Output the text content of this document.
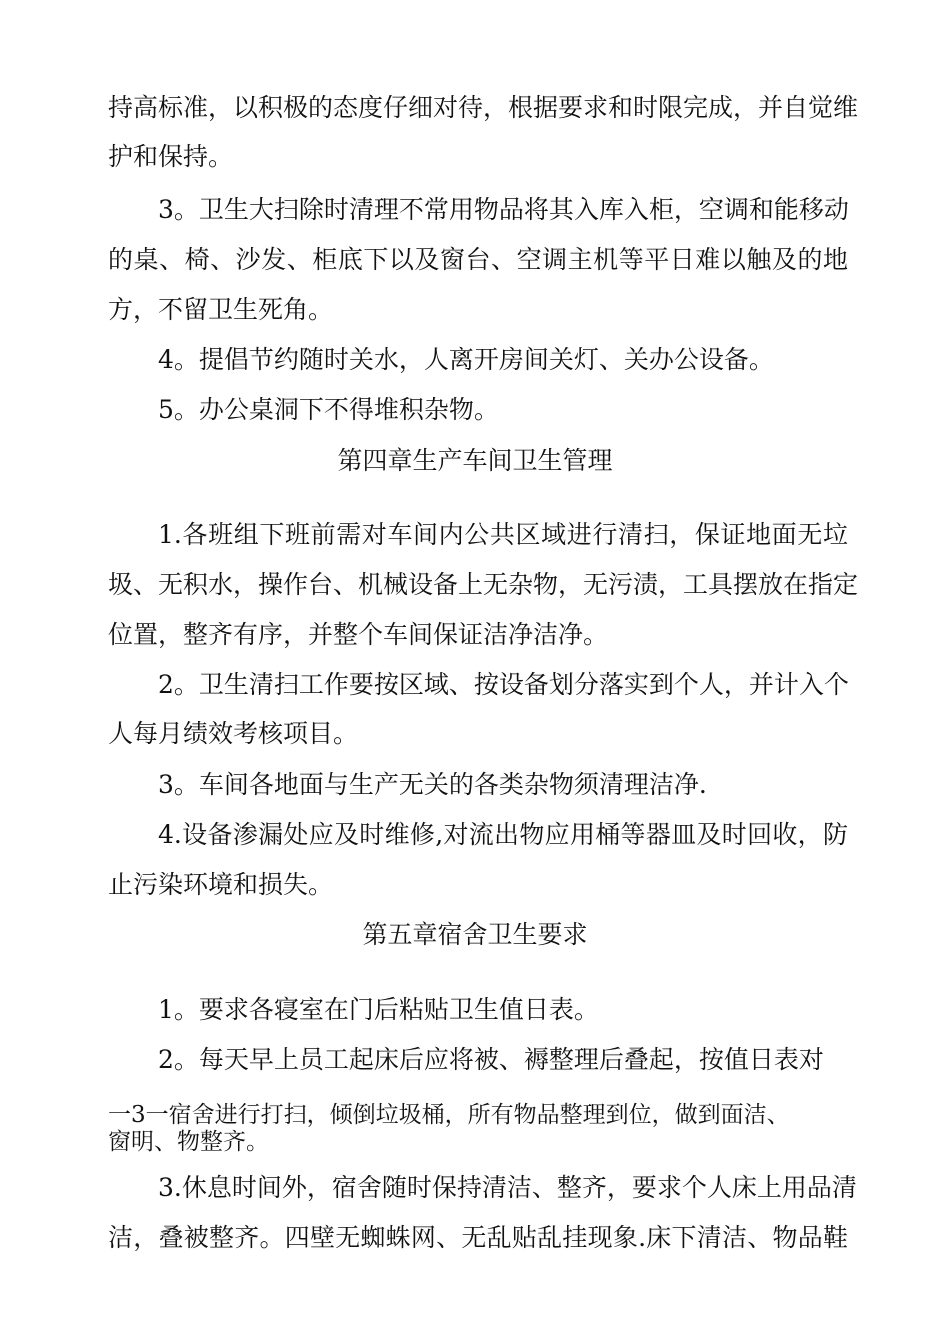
持高标准，以积极的态度仔细对待，根据要求和时限完成，并自觉维
护和保持。
3。卫生大扫除时清理不常用物品将其入库入柜，空调和能移动
的桌、椅、沙发、柜底下以及窗台、空调主机等平日难以触及的地
方，不留卫生死角。
4。提倡节约随时关水，人离开房间关灯、关办公设备。
5。办公桌洞下不得堆积杂物。
第四章生产车间卫生管理
1.各班组下班前需对车间内公共区域进行清扫，保证地面无垃
圾、无积水，操作台、机械设备上无杂物，无污渍，工具摆放在指定
位置，整齐有序，并整个车间保证洁净洁净。
2。卫生清扫工作要按区域、按设备划分落实到个人，并计入个
人每月绩效考核项目。
3。车间各地面与生产无关的各类杂物须清理洁净.
4.设备渗漏处应及时维修,对流出物应用桶等器皿及时回收，防
止污染环境和损失。
第五章宿舍卫生要求
1。要求各寝室在门后粘贴卫生值日表。
2。每天早上员工起床后应将被、褥整理后叠起，按值日表对
一3一宿舍进行打扫，倾倒垃圾桶，所有物品整理到位，做到面洁、
窗明、物整齐。
3.休息时间外，宿舍随时保持清洁、整齐，要求个人床上用品清
洁，叠被整齐。四壁无蜘蛛网、无乱贴乱挂现象.床下清洁、物品鞋
